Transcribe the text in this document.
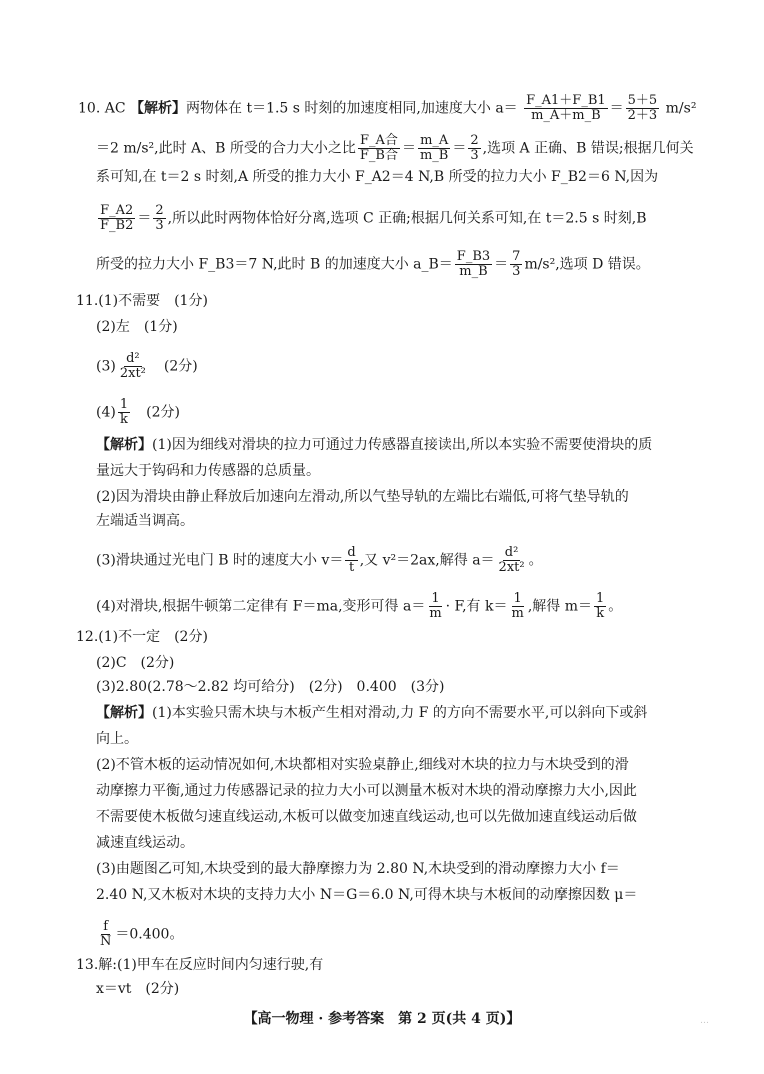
10. AC 【解析】两物体在 t＝1.5 s 时刻的加速度相同,加速度大小 $a= \frac{F\_A1+F\_B1}{m\_A+m\_B} = \frac{5+5}{2+3} m/s^2$
＝2 m/s²,此时 A、B 所受的合力大小之比 $\frac{\text{F\_A合}}{\text{F\_B合}} = \frac{m\_A}{m\_B} = \frac{2}{3}$ ,选项 A 正确、B 错误;根据几何关
系可知,在 t＝2 s 时刻,A 所受的推力大小 F_A2＝4 N,B 所受的拉力大小 F_B2＝6 N,因为
$\frac{F\_A2}{F\_B2} = \frac{2}{3}$ ,所以此时两物体恰好分离,选项 C 正确;根据几何关系可知,在 t＝2.5 s 时刻,B
所受的拉力大小 F_B3＝7 N,此时 B 的加速度大小 a_B＝ $\frac{F\_B3}{m\_B} = \frac{7}{3} m/s^2$,选项 D 错误。
11.(1)不需要　(1分)
(2)左　(1分)
$(3) \frac{\text{d²}}{\text{2xt²}}$
　 (2分)
$(4) \frac{1}{k}$
　 (2分)
【解析】(1)因为细线对滑块的拉力可通过力传感器直接读出,所以本实验不需要使滑块的质
量远大于钩码和力传感器的总质量。
(2)因为滑块由静止释放后加速向左滑动,所以气垫导轨的左端比右端低,可将气垫导轨的
左端适当调高。
(3)滑块通过光电门 B 时的速度大小 $v= \frac{d}{t}$ ,又 v²＝2ax,解得 $a= \frac{\text{d²}}{\text{2xt²}}$ 。
(4)对滑块,根据牛顿第二定律有 F＝ma,变形可得 $a= \frac{1}{m} \cdot F$,有 $k= \frac{1}{m}$ ,解得 $m= \frac{1}{k}$ 。
12.(1)不一定　(2分)
(2)C　(2分)
(3)2.80(2.78～2.82 均可给分)　(2分)　0.400　(3分)
【解析】(1)本实验只需木块与木板产生相对滑动,力 F 的方向不需要水平,可以斜向下或斜
向上。
(2)不管木板的运动情况如何,木块都相对实验桌静止,细线对木块的拉力与木块受到的滑
动摩擦力平衡,通过力传感器记录的拉力大小可以测量木板对木块的滑动摩擦力大小,因此
不需要使木板做匀速直线运动,木板可以做变加速直线运动,也可以先做加速直线运动后做
减速直线运动。
(3)由题图乙可知,木块受到的最大静摩擦力为 2.80 N,木块受到的滑动摩擦力大小 f＝
2.40 N,又木板对木块的支持力大小 N＝G＝6.0 N,可得木块与木板间的动摩擦因数 μ＝
$\frac{f}{N} =0.400$。
13.解:(1)甲车在反应时间内匀速行驶,有
x＝vt　(2分)
【高一物理 · 参考答案　第 2 页(共 4 页)】	…
